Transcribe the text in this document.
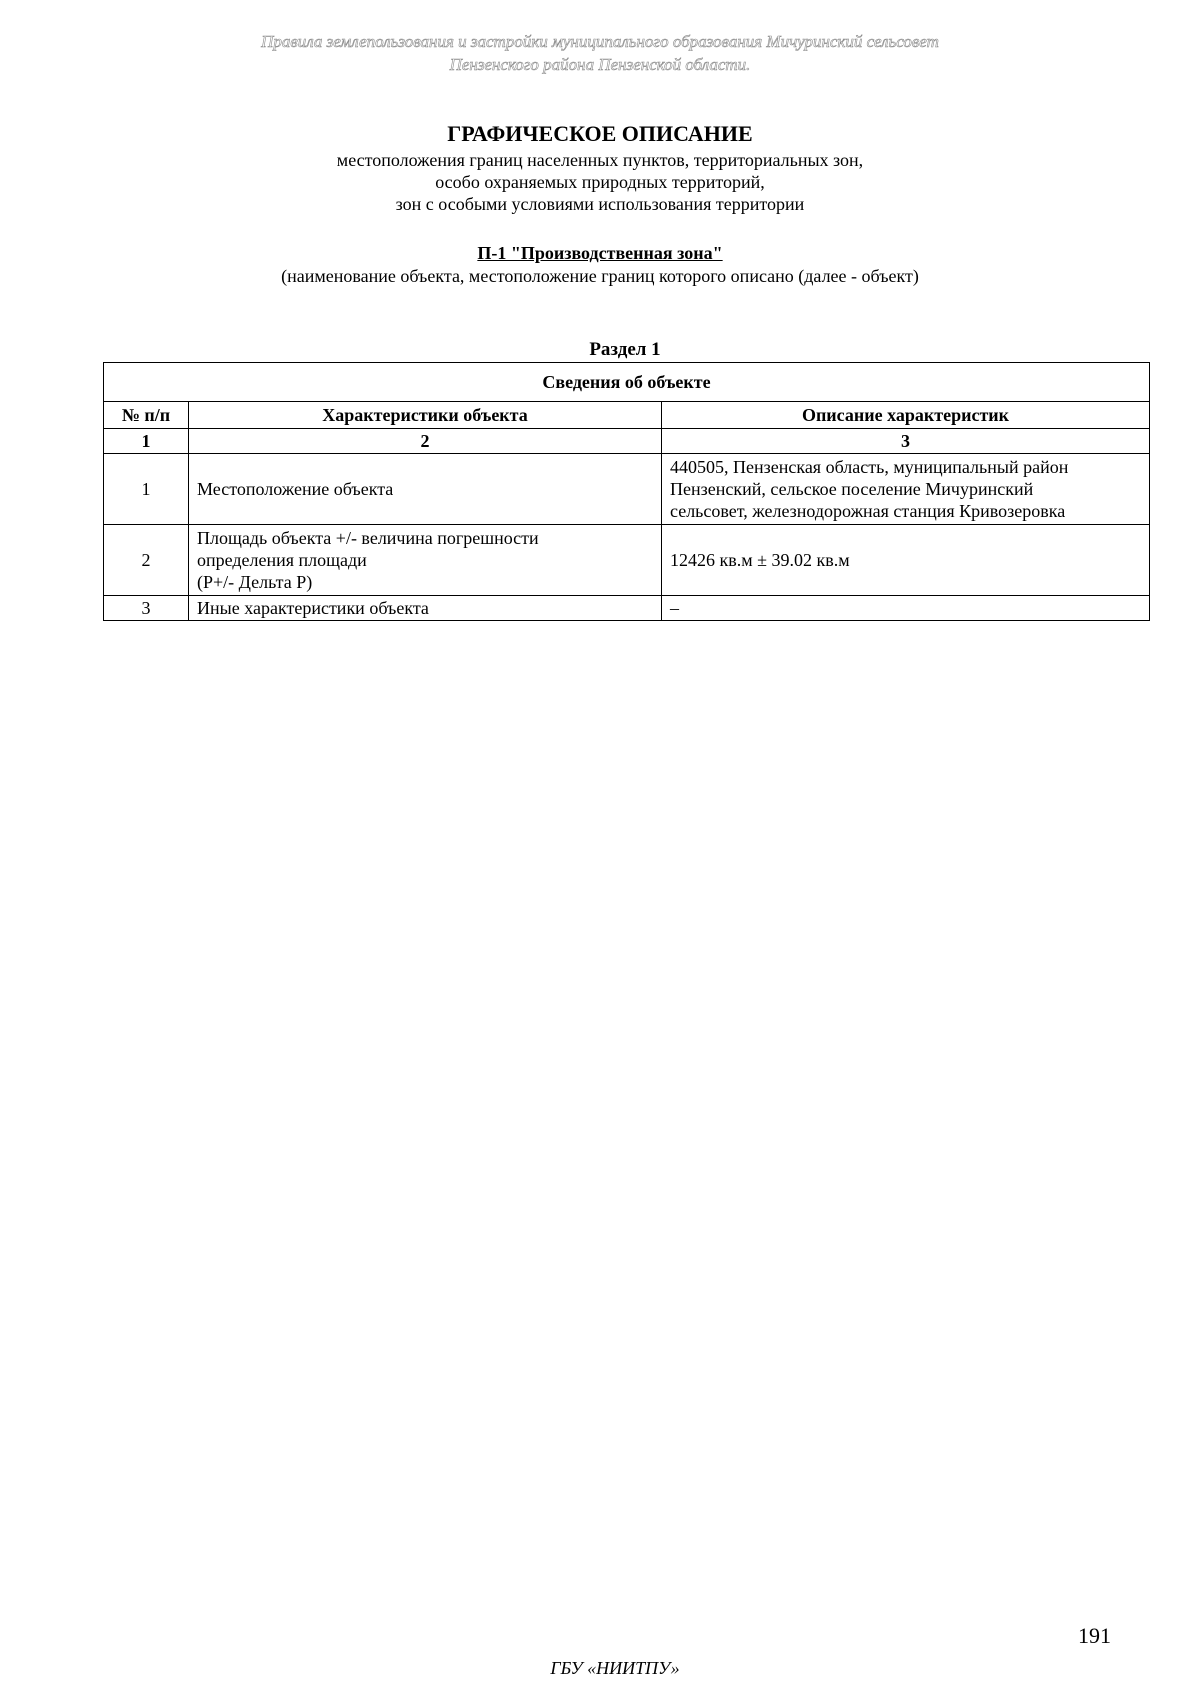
Правила землепользования и застройки муниципального образования Мичуринский сельсовет
Пензенского района Пензенской области.
ГРАФИЧЕСКОЕ ОПИСАНИЕ
местоположения границ населенных пунктов, территориальных зон,
особо охраняемых природных территорий,
зон с особыми условиями использования территории
П-1 "Производственная зона"
(наименование объекта, местоположение границ которого описано (далее - объект)
Раздел 1
Сведения об объекте		
№ п/п	Характеристики объекта	Описание характеристик
1	2	3
1	Местоположение объекта	440505, Пензенская область, муниципальный район
Пензенский, сельское поселение Мичуринский
сельсовет, железнодорожная станция Кривозеровка

2	Площадь объекта +/- величина погрешности
определения площади
(Р+/- Дельта Р)	12426 кв.м ± 39.02 кв.м

3	Иные характеристики объекта	–
191
ГБУ «НИИТПУ»
